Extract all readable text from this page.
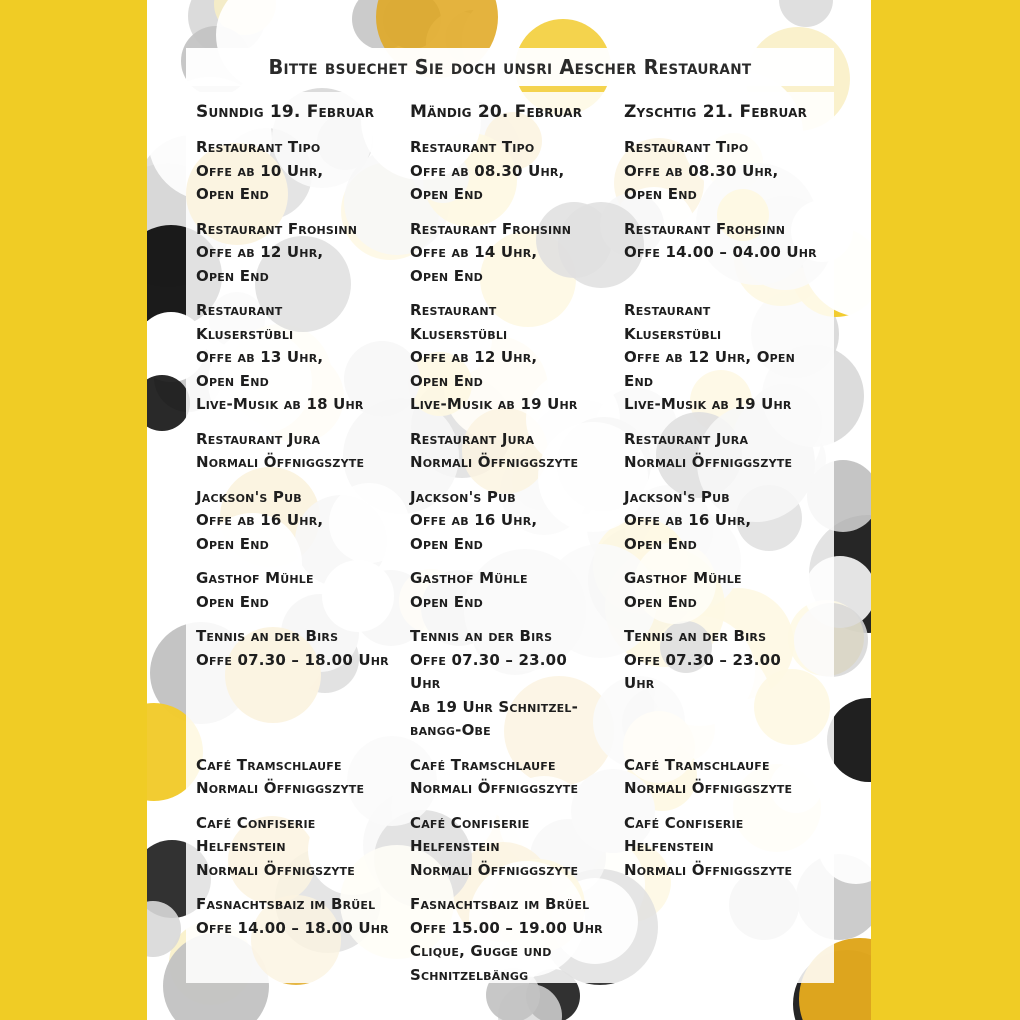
Bitte bsuechet Sie doch unsri Aescher Restaurant
Sunndig 19. Februar	Mändig 20. Februar	Zyschtig 21. Februar
Restaurant Tipo
Offe ab 10 Uhr,
Open End
Restaurant Tipo
Offe ab 08.30 Uhr,
Open End
Restaurant Tipo
Offe ab 08.30 Uhr,
Open End
Restaurant Frohsinn
Offe ab 12 Uhr,
Open End
Restaurant Frohsinn
Offe ab 14 Uhr,
Open End
Restaurant Frohsinn
Offe 14.00 – 04.00 Uhr
Restaurant
Kluserstübli
Offe ab 13 Uhr,
Open End
Live-Musik ab 18 Uhr
Restaurant
Kluserstübli
Offe ab 12 Uhr,
Open End
Live-Musik ab 19 Uhr
Restaurant
Kluserstübli
Offe ab 12 Uhr, Open
End
Live-Musik ab 19 Uhr
Restaurant Jura
Normali Öffniggszyte
Restaurant Jura
Normali Öffniggszyte
Restaurant Jura
Normali Öffniggszyte
Jackson's Pub
Offe ab 16 Uhr,
Open End
Jackson's Pub
Offe ab 16 Uhr,
Open End
Jackson's Pub
Offe ab 16 Uhr,
Open End
Gasthof Mühle
Open End
Gasthof Mühle
Open End
Gasthof Mühle
Open End
Tennis an der Birs
Offe 07.30 – 18.00 Uhr
Tennis an der Birs
Offe 07.30 – 23.00
Uhr
Ab 19 Uhr Schnitzel-
bangg-Obe
Tennis an der Birs
Offe 07.30 – 23.00
Uhr
Café Tramschlaufe
Normali Öffniggszyte
Café Tramschlaufe
Normali Öffniggszyte
Café Tramschlaufe
Normali Öffniggszyte
Café Confiserie
Helfenstein
Normali Öffnigszyte
Café Confiserie
Helfenstein
Normali Öffniggszyte
Café Confiserie
Helfenstein
Normali Öffniggszyte
Fasnachtsbaiz im Brüel
Offe 14.00 – 18.00 Uhr
Fasnachtsbaiz im Brüel
Offe 15.00 – 19.00 Uhr
Clique, Gugge und
Schnitzelbängg
